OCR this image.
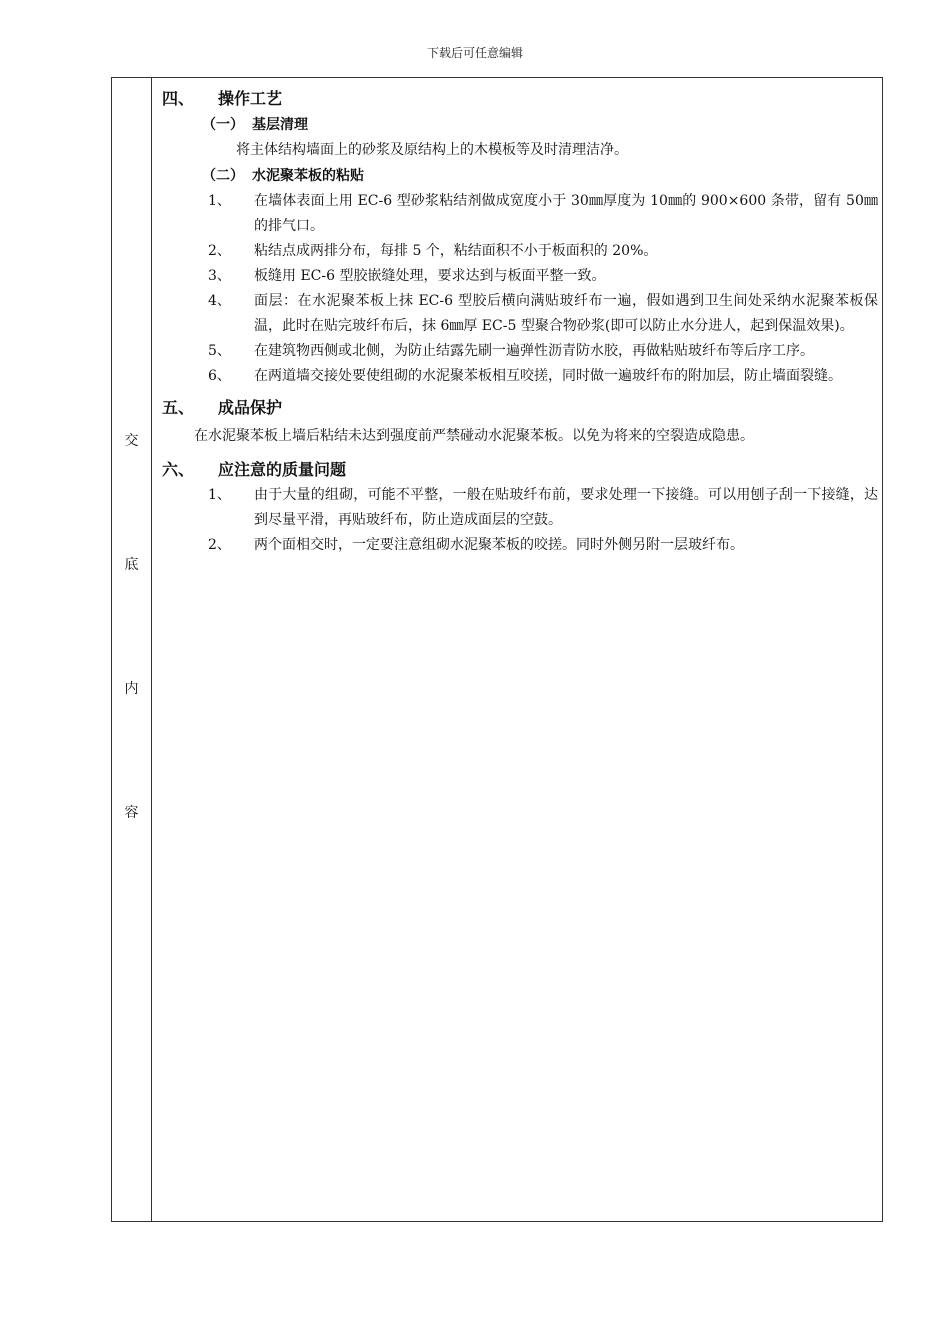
下载后可任意编辑
交
底
内
容
四、 操作工艺
（一） 基层清理
将主体结构墙面上的砂浆及原结构上的木模板等及时清理洁净。
（二） 水泥聚苯板的粘贴
1、	在墙体表面上用 EC-6 型砂浆粘结剂做成宽度小于 30㎜厚度为 10㎜的 900×600 条带，留有 50㎜的排气口。
2、	粘结点成两排分布，每排 5 个，粘结面积不小于板面积的 20%。
3、	板缝用 EC-6 型胶嵌缝处理，要求达到与板面平整一致。
4、	面层：在水泥聚苯板上抹 EC-6 型胶后横向满贴玻纤布一遍，假如遇到卫生间处采纳水泥聚苯板保温，此时在贴完玻纤布后，抹 6㎜厚 EC-5 型聚合物砂浆(即可以防止水分进人，起到保温效果)。
5、	在建筑物西侧或北侧，为防止结露先刷一遍弹性沥青防水胶，再做粘贴玻纤布等后序工序。
6、	在两道墙交接处要使组砌的水泥聚苯板相互咬搓，同时做一遍玻纤布的附加层，防止墙面裂缝。
五、 成品保护
在水泥聚苯板上墙后粘结未达到强度前严禁碰动水泥聚苯板。以免为将来的空裂造成隐患。
六、 应注意的质量问题
1、	由于大量的组砌，可能不平整，一般在贴玻纤布前，要求处理一下接缝。可以用刨子刮一下接缝，达到尽量平滑，再贴玻纤布，防止造成面层的空鼓。
2、	两个面相交时，一定要注意组砌水泥聚苯板的咬搓。同时外侧另附一层玻纤布。
